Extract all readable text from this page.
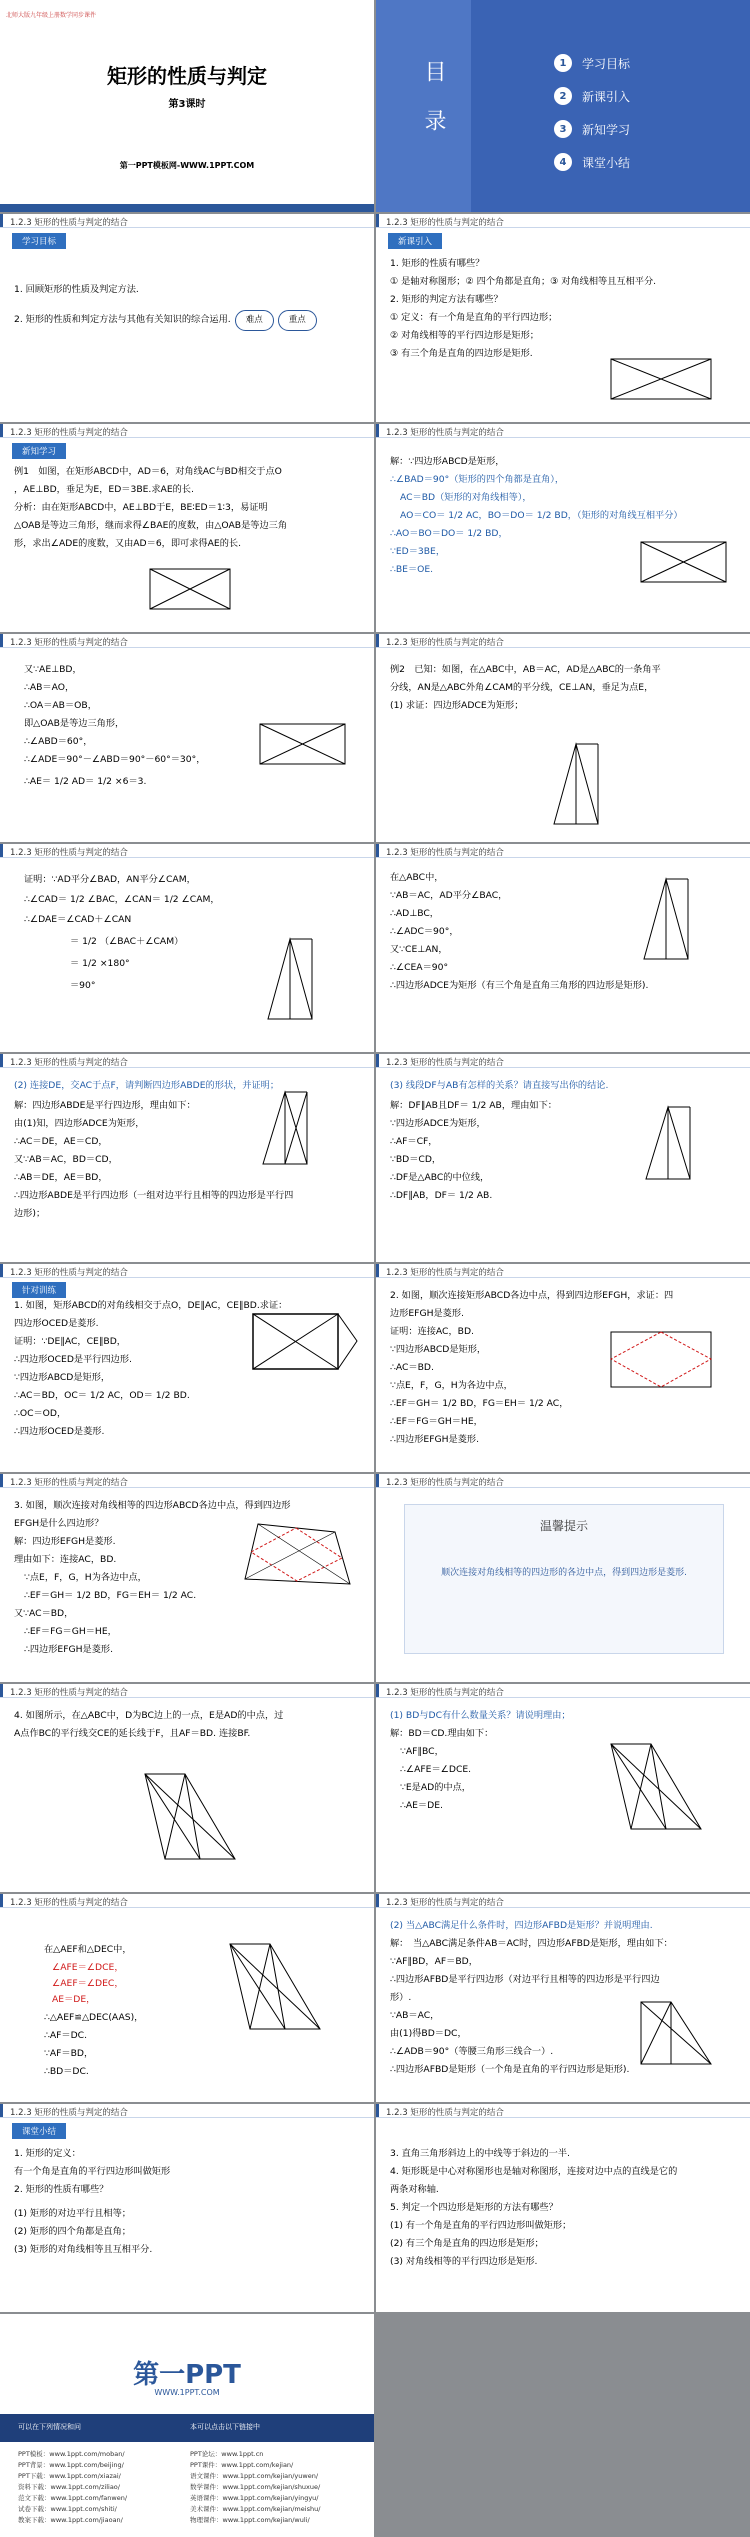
北师大版九年级上册数学同步课件
矩形的性质与判定
第3课时
第一PPT模板网-WWW.1PPT.COM
目 录	1	学习目标
2	新课引入
3	新知学习
4	课堂小结
1.2.3 矩形的性质与判定的结合
学习目标
1. 回顾矩形的性质及判定方法.
2. 矩形的性质和判定方法与其他有关知识的综合运用. 难点	重点
1.2.3 矩形的性质与判定的结合
新课引入
1. 矩形的性质有哪些？
① 是轴对称图形；② 四个角都是直角；③ 对角线相等且互相平分.
2. 矩形的判定方法有哪些？
① 定义：有一个角是直角的平行四边形；
② 对角线相等的平行四边形是矩形；
③ 有三个角是直角的四边形是矩形.
1.2.3 矩形的性质与判定的结合
新知学习
例1　如图，在矩形ABCD中，AD＝6，对角线AC与BD相交于点O
，AE⊥BD，垂足为E，ED＝3BE.求AE的长.
分析：由在矩形ABCD中，AE⊥BD于E，BE∶ED＝1∶3，易证明
△OAB是等边三角形，继而求得∠BAE的度数，由△OAB是等边三角
形，求出∠ADE的度数，又由AD＝6，即可求得AE的长.
1.2.3 矩形的性质与判定的结合
解：∵四边形ABCD是矩形，
∴∠BAD＝90°（矩形的四个角都是直角），
AC＝BD（矩形的对角线相等），
AO＝CO＝ 1/2 AC，BO＝DO＝ 1/2 BD，（矩形的对角线互相平分）
∴AO＝BO＝DO＝ 1/2 BD，
∵ED＝3BE，
∴BE＝OE.
1.2.3 矩形的性质与判定的结合
又∵AE⊥BD，
∴AB＝AO，
∴OA＝AB＝OB，
即△OAB是等边三角形，
∴∠ABD＝60°，
∴∠ADE＝90°－∠ABD＝90°－60°＝30°，
∴AE＝ 1/2 AD＝ 1/2 ×6＝3.
1.2.3 矩形的性质与判定的结合
例2　已知：如图，在△ABC中，AB＝AC，AD是△ABC的一条角平
分线，AN是△ABC外角∠CAM的平分线，CE⊥AN，垂足为点E，
(1) 求证：四边形ADCE为矩形；
1.2.3 矩形的性质与判定的结合
证明：∵AD平分∠BAD，AN平分∠CAM，
∴∠CAD＝ 1/2 ∠BAC，∠CAN＝ 1/2 ∠CAM，
∴∠DAE＝∠CAD＋∠CAN
＝ 1/2 （∠BAC＋∠CAM）
＝ 1/2 ×180°
＝90°
1.2.3 矩形的性质与判定的结合
在△ABC中，
∵AB＝AC，AD平分∠BAC，
∴AD⊥BC，
∴∠ADC＝90°，
又∵CE⊥AN，
∴∠CEA＝90°
∴四边形ADCE为矩形（有三个角是直角三角形的四边形是矩形).
1.2.3 矩形的性质与判定的结合
(2) 连接DE，交AC于点F，请判断四边形ABDE的形状，并证明；
解：四边形ABDE是平行四边形，理由如下：
由(1)知，四边形ADCE为矩形，
∴AC＝DE，AE＝CD，
又∵AB＝AC，BD＝CD，
∴AB＝DE，AE＝BD，
∴四边形ABDE是平行四边形（一组对边平行且相等的四边形是平行四
边形)；
1.2.3 矩形的性质与判定的结合
(3) 线段DF与AB有怎样的关系？请直接写出你的结论.
解：DF∥AB且DF＝ 1/2 AB，理由如下：
∵四边形ADCE为矩形，
∴AF＝CF，
∵BD＝CD，
∴DF是△ABC的中位线，
∴DF∥AB，DF＝ 1/2 AB.
1.2.3 矩形的性质与判定的结合
针对训练
1. 如图，矩形ABCD的对角线相交于点O，DE∥AC，CE∥BD.求证：
四边形OCED是菱形.
证明：∵DE∥AC，CE∥BD，
∴四边形OCED是平行四边形.
∵四边形ABCD是矩形，
∴AC＝BD，OC＝ 1/2 AC，OD＝ 1/2 BD.
∴OC＝OD，
∴四边形OCED是菱形.
1.2.3 矩形的性质与判定的结合
2. 如图，顺次连接矩形ABCD各边中点，得到四边形EFGH，求证：四
边形EFGH是菱形.
证明：连接AC，BD.
∵四边形ABCD是矩形，
∴AC＝BD.
∵点E，F，G，H为各边中点，
∴EF＝GH＝ 1/2 BD，FG＝EH＝ 1/2 AC，
∴EF＝FG＝GH＝HE，
∴四边形EFGH是菱形.
1.2.3 矩形的性质与判定的结合
3. 如图，顺次连接对角线相等的四边形ABCD各边中点，得到四边形
EFGH是什么四边形？
解：四边形EFGH是菱形.
理由如下：连接AC，BD.
∵点E，F，G，H为各边中点，
∴EF＝GH＝ 1/2 BD，FG＝EH＝ 1/2 AC.
又∵AC＝BD，
∴EF＝FG＝GH＝HE，
∴四边形EFGH是菱形.
1.2.3 矩形的性质与判定的结合
温馨提示
顺次连接对角线相等的四边形的各边中点，得到四边形是菱形.
1.2.3 矩形的性质与判定的结合
4. 如图所示，在△ABC中，D为BC边上的一点，E是AD的中点，过
A点作BC的平行线交CE的延长线于F，且AF＝BD. 连接BF.
1.2.3 矩形的性质与判定的结合
(1) BD与DC有什么数量关系？请说明理由；
解：BD＝CD.理由如下：
∵AF∥BC，
∴∠AFE＝∠DCE.
∵E是AD的中点，
∴AE＝DE.
1.2.3 矩形的性质与判定的结合
在△AEF和△DEC中，
∠AFE＝∠DCE，
∠AEF＝∠DEC，
AE＝DE，
∴△AEF≌△DEC(AAS)，
∴AF＝DC.
∵AF＝BD，
∴BD＝DC.
1.2.3 矩形的性质与判定的结合
(2) 当△ABC满足什么条件时，四边形AFBD是矩形？并说明理由.
解：　当△ABC满足条件AB＝AC时，四边形AFBD是矩形，理由如下：
∵AF∥BD，AF＝BD，
∴四边形AFBD是平行四边形（对边平行且相等的四边形是平行四边
形）.
∵AB＝AC，
由(1)得BD＝DC，
∴∠ADB＝90°（等腰三角形三线合一）.
∴四边形AFBD是矩形（一个角是直角的平行四边形是矩形).
1.2.3 矩形的性质与判定的结合
课堂小结
1. 矩形的定义：
有一个角是直角的平行四边形叫做矩形
2. 矩形的性质有哪些？
(1) 矩形的对边平行且相等；
(2) 矩形的四个角都是直角；
(3) 矩形的对角线相等且互相平分.
1.2.3 矩形的性质与判定的结合
3. 直角三角形斜边上的中线等于斜边的一半.
4. 矩形既是中心对称图形也是轴对称图形，连接对边中点的直线是它的
两条对称轴.
5. 判定一个四边形是矩形的方法有哪些？
(1) 有一个角是直角的平行四边形叫做矩形；
(2) 有三个角是直角的四边形是矩形；
(3) 对角线相等的平行四边形是矩形.
第一PPT
WWW.1PPT.COM
可以在下列情况和问	本可以点击以下链接中
PPT模板：www.1ppt.com/moban/
PPT背景：www.1ppt.com/beijing/
PPT下载：www.1ppt.com/xiazai/
资料下载：www.1ppt.com/ziliao/
范文下载：www.1ppt.com/fanwen/
试卷下载：www.1ppt.com/shiti/
教案下载：www.1ppt.com/jiaoan/
PPT论坛：www.1ppt.cn
PPT课件：www.1ppt.com/kejian/
语文课件：www.1ppt.com/kejian/yuwen/
数学课件：www.1ppt.com/kejian/shuxue/
英语课件：www.1ppt.com/kejian/yingyu/
美术课件：www.1ppt.com/kejian/meishu/
物理课件：www.1ppt.com/kejian/wuli/
